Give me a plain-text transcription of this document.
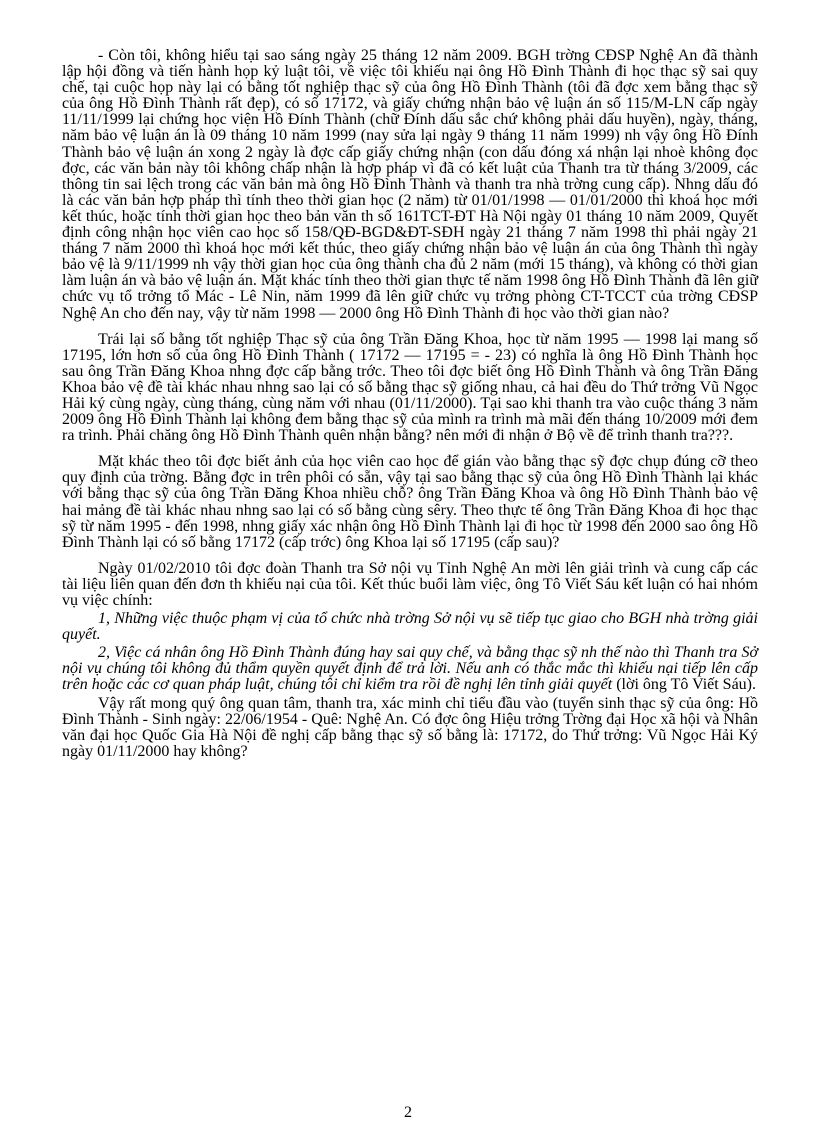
- Còn tôi, không hiểu tại sao sáng ngày 25 tháng 12 năm 2009. BGH trờng CĐSP Nghệ An đã thành lập hội đồng và tiến hành họp kỷ luật tôi, về việc tôi khiếu nại ông Hồ Đình Thành đi học thạc sỹ sai quy chế, tại cuộc họp này lại có bằng tốt nghiệp thạc sỹ của ông Hồ Đình Thành (tôi đã đợc xem bằng thạc sỹ của ông Hồ Đình Thành rất đẹp), có số 17172, và giấy chứng nhận bảo vệ luận án số 115/M-LN cấp ngày 11/11/1999 lại chứng học viện Hồ Đính Thành (chữ Đính dấu sắc chứ không phải dấu huyền), ngày, tháng, năm bảo vệ luận án là 09 tháng 10 năm 1999 (nay sửa lại ngày 9 tháng 11 năm 1999) nh vậy ông Hồ Đính Thành bảo vệ luận án xong 2 ngày là đợc cấp giấy chứng nhận (con dấu đóng xá nhận lại nhoè không đọc đợc, các văn bản này tôi không chấp nhận là hợp pháp vì đã có kết luật của Thanh tra từ tháng 3/2009, các thông tin sai lệch trong các văn bản mà ông Hồ Đình Thành và thanh tra nhà trờng cung cấp). Nhng dấu đó là các văn bản hợp pháp thì tính theo thời gian học (2 năm) từ 01/01/1998 — 01/01/2000 thì khoá học mới kết thúc, hoặc tính thời gian học theo bản văn th số 161TCT-ĐT Hà Nội ngày 01 tháng 10 năm 2009, Quyết định công nhận học viên cao học số 158/QĐ-BGD&ĐT-SĐH ngày 21 tháng 7 năm 1998 thì phải ngày 21 tháng 7 năm 2000 thì khoá học mới kết thúc, theo giấy chứng nhận bảo vệ luận án của ông Thành thì ngày bảo vệ là 9/11/1999 nh vậy thời gian học của ông thành cha đủ 2 năm (mới 15 tháng), và không có thời gian làm luận án và bảo vệ luận án. Mặt khác tính theo thời gian thực tế năm 1998 ông Hồ Đình Thành đã lên giữ chức vụ tổ trởng tổ Mác - Lê Nin, năm 1999 đã lên giữ chức vụ trởng phòng CT-TCCT của trờng CĐSP Nghệ An cho đến nay, vậy từ năm 1998 — 2000 ông Hồ Đình Thành đi học vào thời gian nào?

Trái lại số bằng tốt nghiệp Thạc sỹ của ông Trần Đăng Khoa, học từ năm 1995 — 1998 lại mang số 17195, lớn hơn số của ông Hồ Đình Thành ( 17172 — 17195 = - 23) có nghĩa là ông Hồ Đình Thành học sau ông Trần Đăng Khoa nhng đợc cấp bằng trớc. Theo tôi đợc biết ông Hồ Đình Thành và ông Trần Đăng Khoa bảo vệ đề tài khác nhau nhng sao lại có số bằng thạc sỹ giống nhau, cả hai đều do Thứ trởng Vũ Ngọc Hải ký cùng ngày, cùng tháng, cùng năm với nhau (01/11/2000). Tại sao khi thanh tra vào cuộc tháng 3 năm 2009 ông Hồ Đình Thành lại không đem bằng thạc sỹ của mình ra trình mà mãi đến tháng 10/2009 mới đem ra trình. Phải chăng ông Hồ Đình Thành quên nhận bằng? nên mới đi nhận ở Bộ về để trình thanh tra???.

Mặt khác theo tôi đợc biết ảnh của học viên cao học để gián vào bằng thạc sỹ đợc chụp đúng cỡ theo quy định của trờng. Bằng đợc in trên phôi có sẵn, vậy tại sao bằng thạc sỹ của ông Hồ Đình Thành lại khác với bằng thạc sỹ của ông Trần Đăng Khoa nhiều chỗ? ông Trần Đăng Khoa và ông Hồ Đình Thành bảo vệ hai mảng đề tài khác nhau nhng sao lại có số bằng cùng sêry. Theo thực tế ông Trần Đăng Khoa đi học thạc sỹ từ năm 1995 - đến 1998, nhng giấy xác nhận ông Hồ Đình Thành lại đi học từ 1998 đến 2000 sao ông Hồ Đình Thành lại có số bằng 17172 (cấp trớc) ông Khoa lại số 17195 (cấp sau)?

Ngày 01/02/2010 tôi đợc đoàn Thanh tra Sở nội vụ Tỉnh Nghệ An mời lên giải trình và cung cấp các tài liệu liên quan đến đơn th khiếu nại của tôi. Kết thúc buổi làm việc, ông Tô Viết Sáu kết luận có hai nhóm vụ việc chính:

1, Những việc thuộc phạm vị của tổ chức nhà trờng Sở nội vụ sẽ tiếp tục giao cho BGH nhà trờng giải quyết.

2, Việc cá nhân ông Hồ Đình Thành đúng hay sai quy chế, và bằng thạc sỹ nh thế nào thì Thanh tra Sở nội vụ chúng tôi không đủ thẩm quyền quyết định để trả lời. Nếu anh có thắc mắc thì khiếu nại tiếp lên cấp trên hoặc các cơ quan pháp luật, chúng tôi chỉ kiểm tra rồi đề nghị lên tỉnh giải quyết (lời ông Tô Viết Sáu).

Vậy rất mong quý ông quan tâm, thanh tra, xác minh chỉ tiểu đầu vào (tuyển sinh thạc sỹ của ông: Hồ Đình Thành - Sinh ngày: 22/06/1954 - Quê: Nghệ An. Có đợc ông Hiệu trởng Trờng đại Học xã hội và Nhân văn đại học Quốc Gia Hà Nội đề nghị cấp bằng thạc sỹ số bằng là: 17172, do Thứ trởng: Vũ Ngọc Hải Ký ngày 01/11/2000 hay không?

2
